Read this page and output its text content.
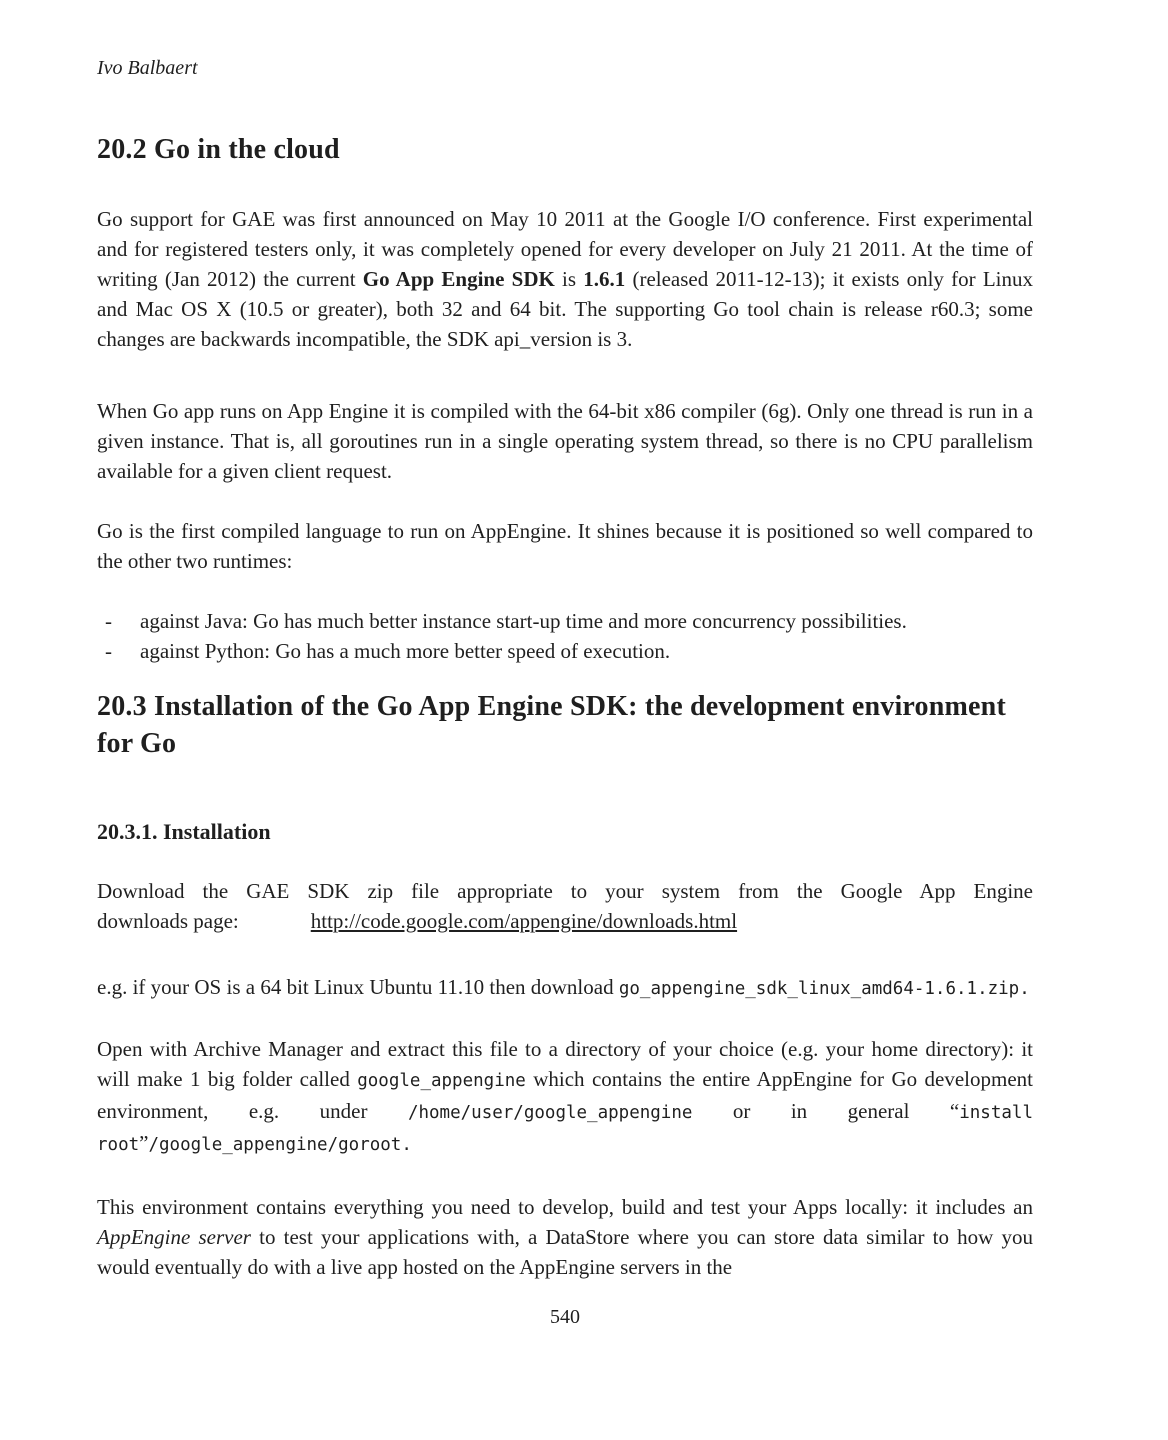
Ivo Balbaert
20.2 Go in the cloud

Go support for GAE was first announced on May 10 2011 at the Google I/O conference. First experimental and for registered testers only, it was completely opened for every developer on July 21 2011. At the time of writing (Jan 2012) the current Go App Engine SDK is 1.6.1 (released 2011-12-13); it exists only for Linux and Mac OS X (10.5 or greater), both 32 and 64 bit. The supporting Go tool chain is release r60.3; some changes are backwards incompatible, the SDK api_version is 3.

When Go app runs on App Engine it is compiled with the 64-bit x86 compiler (6g). Only one thread is run in a given instance. That is, all goroutines run in a single operating system thread, so there is no CPU parallelism available for a given client request.

Go is the first compiled language to run on AppEngine. It shines because it is positioned so well compared to the other two runtimes:

- against Java: Go has much better instance start-up time and more concurrency possibilities.
- against Python: Go has a much more better speed of execution.
20.3 Installation of the Go App Engine SDK: the development environment for Go
20.3.1. Installation
Download the GAE SDK zip file appropriate to your system from the Google App Engine
downloads page:	http://code.google.com/appengine/downloads.html

e.g. if your OS is a 64 bit Linux Ubuntu 11.10 then download go_appengine_sdk_linux_amd64-1.6.1.zip.

Open with Archive Manager and extract this file to a directory of your choice (e.g. your home directory): it will make 1 big folder called google_appengine which contains the entire AppEngine for Go development environment, e.g. under /home/user/google_appengine or in general “install root”/google_appengine/goroot.

This environment contains everything you need to develop, build and test your Apps locally: it includes an AppEngine server to test your applications with, a DataStore where you can store data similar to how you would eventually do with a live app hosted on the AppEngine servers in the

540
